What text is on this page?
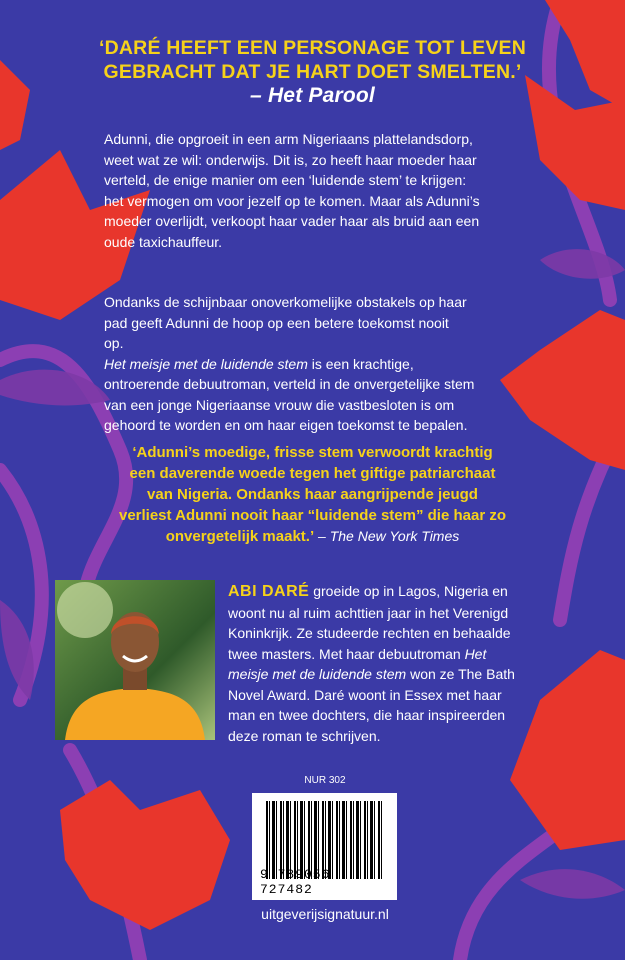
‘DARÉ HEEFT EEN PERSONAGE TOT LEVEN
GEBRACHT DAT JE HART DOET SMELTEN.’
– Het Parool
Adunni, die opgroeit in een arm Nigeriaans plattelandsdorp,
weet wat ze wil: onderwijs. Dit is, zo heeft haar moeder haar
verteld, de enige manier om een ‘luidende stem’ te krijgen:
het vermogen om voor jezelf op te komen. Maar als Adunni’s
moeder overlijdt, verkoopt haar vader haar als bruid aan een
oude taxichauffeur.
Ondanks de schijnbaar onoverkomelijke obstakels op haar
pad geeft Adunni de hoop op een betere toekomst nooit
op.
Het meisje met de luidende stem is een krachtige,
ontroerende debuutroman, verteld in de onvergetelijke stem
van een jonge Nigeriaanse vrouw die vastbesloten is om
gehoord te worden en om haar eigen toekomst te bepalen.
‘Adunni’s moedige, frisse stem verwoordt krachtig
een daverende woede tegen het giftige patriarchaat
van Nigeria. Ondanks haar aangrijpende jeugd
verliest Adunni nooit haar “luidende stem” die haar zo
onvergetelijk maakt.’ – The New York Times
ABI DARÉ groeide op in Lagos, Nigeria en
woont nu al ruim achttien jaar in het Verenigd
Koninkrijk. Ze studeerde rechten en behaalde
twee masters. Met haar debuutroman Het
meisje met de luidende stem won ze The Bath
Novel Award. Daré woont in Essex met haar
man en twee dochters, die haar inspireerden
deze roman te schrijven.
NUR 302
9 789056 727482
uitgeverijsignatuur.nl
